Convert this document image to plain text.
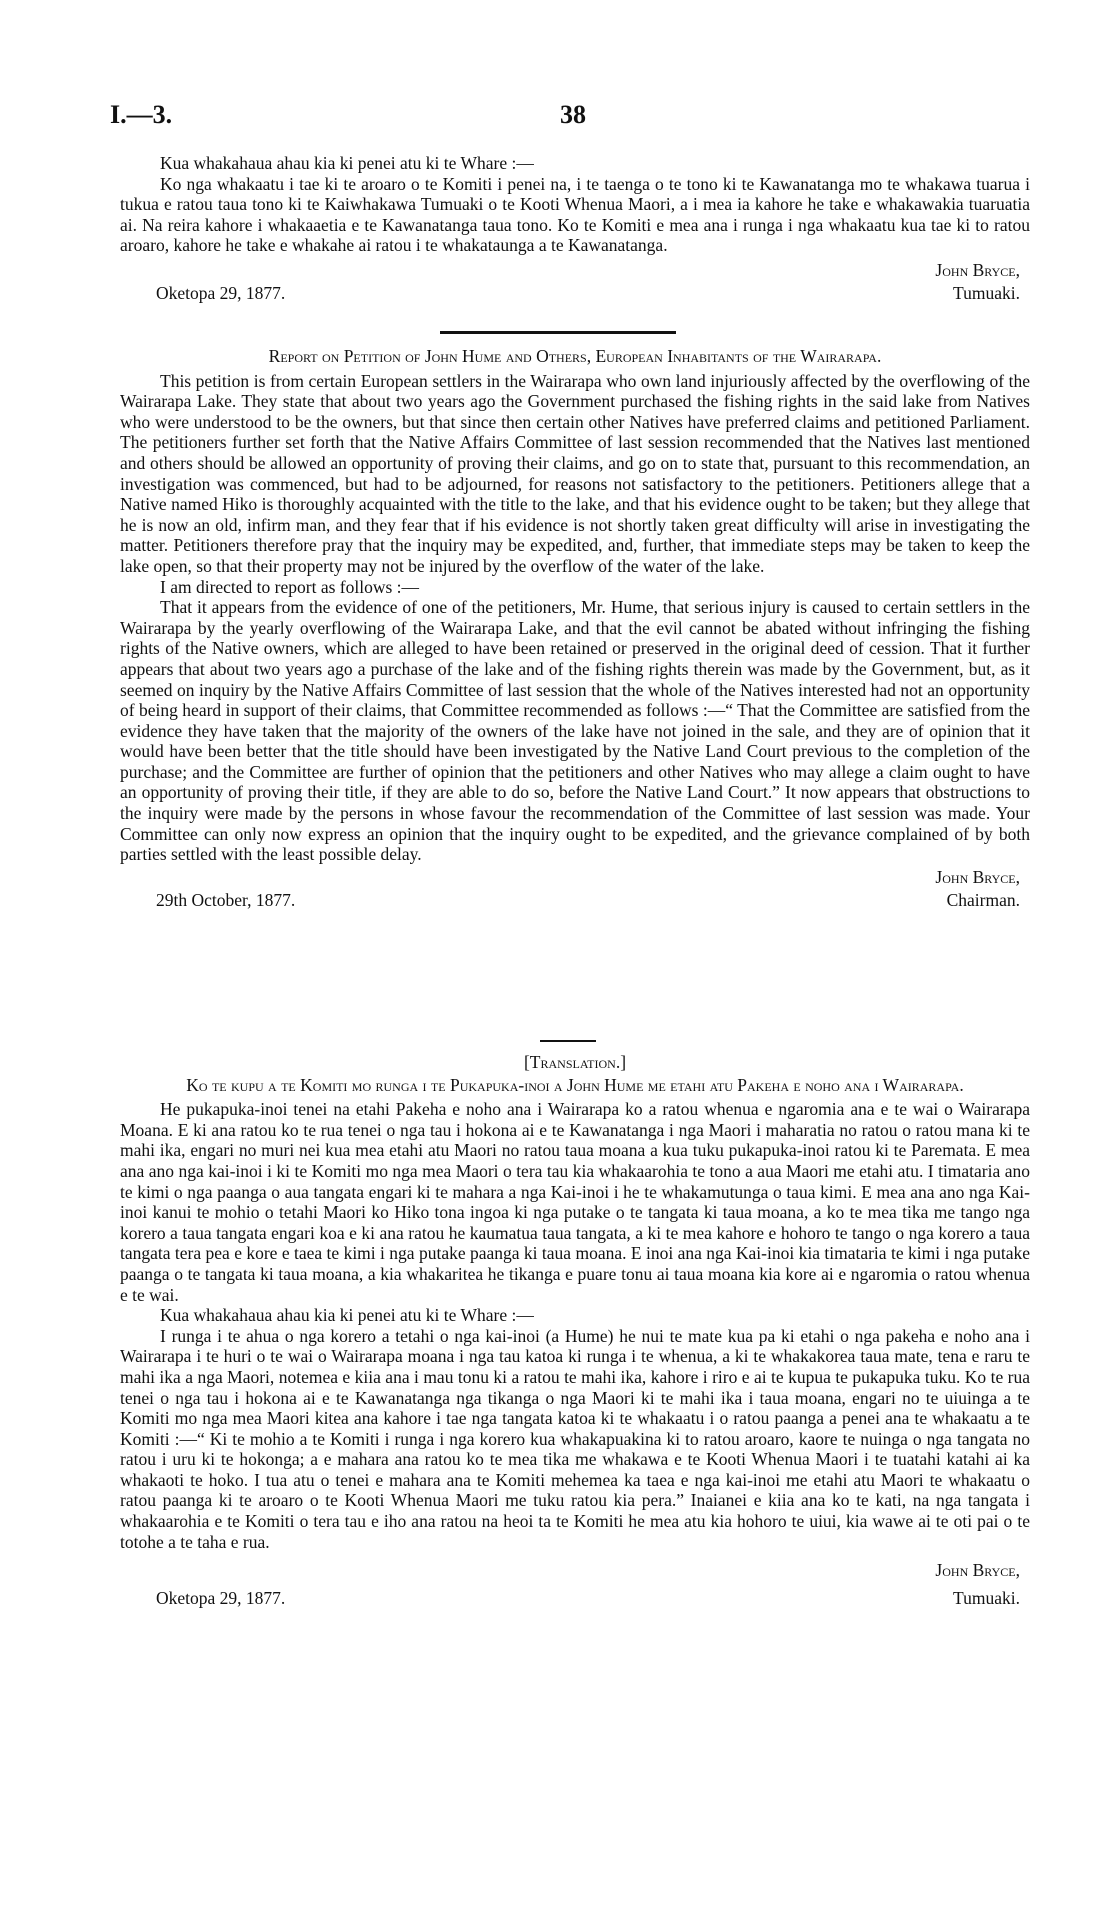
I.—3.	38

Kua whakahaua ahau kia ki penei atu ki te Whare :—

Ko nga whakaatu i tae ki te aroaro o te Komiti i penei na, i te taenga o te tono ki te Kawanatanga mo te whakawa tuarua i tukua e ratou taua tono ki te Kaiwhakawa Tumuaki o te Kooti Whenua Maori, a i mea ia kahore he take e whakawakia tuaruatia ai. Na reira kahore i whakaaetia e te Kawanatanga taua tono. Ko te Komiti e mea ana i runga i nga whakaatu kua tae ki to ratou aroaro, kahore he take e whakahe ai ratou i te whakataunga a te Kawanatanga.

Oketopa 29, 1877.
John Bryce,
Tumuaki.
Report on Petition of John Hume and Others, European Inhabitants of the Wairarapa.

This petition is from certain European settlers in the Wairarapa who own land injuriously affected by the overflowing of the Wairarapa Lake. They state that about two years ago the Government purchased the fishing rights in the said lake from Natives who were understood to be the owners, but that since then certain other Natives have preferred claims and petitioned Parliament. The petitioners further set forth that the Native Affairs Committee of last session recommended that the Natives last mentioned and others should be allowed an opportunity of proving their claims, and go on to state that, pursuant to this recommendation, an investigation was commenced, but had to be adjourned, for reasons not satisfactory to the petitioners. Petitioners allege that a Native named Hiko is thoroughly acquainted with the title to the lake, and that his evidence ought to be taken; but they allege that he is now an old, infirm man, and they fear that if his evidence is not shortly taken great difficulty will arise in investigating the matter. Petitioners therefore pray that the inquiry may be expedited, and, further, that immediate steps may be taken to keep the lake open, so that their property may not be injured by the overflow of the water of the lake.

I am directed to report as follows :—

That it appears from the evidence of one of the petitioners, Mr. Hume, that serious injury is caused to certain settlers in the Wairarapa by the yearly overflowing of the Wairarapa Lake, and that the evil cannot be abated without infringing the fishing rights of the Native owners, which are alleged to have been retained or preserved in the original deed of cession. That it further appears that about two years ago a purchase of the lake and of the fishing rights therein was made by the Government, but, as it seemed on inquiry by the Native Affairs Committee of last session that the whole of the Natives interested had not an opportunity of being heard in support of their claims, that Committee recommended as follows :—“ That the Committee are satisfied from the evidence they have taken that the majority of the owners of the lake have not joined in the sale, and they are of opinion that it would have been better that the title should have been investigated by the Native Land Court previous to the completion of the purchase; and the Committee are further of opinion that the petitioners and other Natives who may allege a claim ought to have an opportunity of proving their title, if they are able to do so, before the Native Land Court.” It now appears that obstructions to the inquiry were made by the persons in whose favour the recommendation of the Committee of last session was made. Your Committee can only now express an opinion that the inquiry ought to be expedited, and the grievance complained of by both parties settled with the least possible delay.

29th October, 1877.
John Bryce,
Chairman.
[Translation.]
Ko te kupu a te Komiti mo runga i te Pukapuka-inoi a John Hume me etahi atu Pakeha e noho ana i Wairarapa.

He pukapuka-inoi tenei na etahi Pakeha e noho ana i Wairarapa ko a ratou whenua e ngaromia ana e te wai o Wairarapa Moana. E ki ana ratou ko te rua tenei o nga tau i hokona ai e te Kawanatanga i nga Maori i maharatia no ratou o ratou mana ki te mahi ika, engari no muri nei kua mea etahi atu Maori no ratou taua moana a kua tuku pukapuka-inoi ratou ki te Paremata. E mea ana ano nga kai-inoi i ki te Komiti mo nga mea Maori o tera tau kia whakaarohia te tono a aua Maori me etahi atu. I timataria ano te kimi o nga paanga o aua tangata engari ki te mahara a nga Kai-inoi i he te whakamutunga o taua kimi. E mea ana ano nga Kai-inoi kanui te mohio o tetahi Maori ko Hiko tona ingoa ki nga putake o te tangata ki taua moana, a ko te mea tika me tango nga korero a taua tangata engari koa e ki ana ratou he kaumatua taua tangata, a ki te mea kahore e hohoro te tango o nga korero a taua tangata tera pea e kore e taea te kimi i nga putake paanga ki taua moana. E inoi ana nga Kai-inoi kia timataria te kimi i nga putake paanga o te tangata ki taua moana, a kia whakaritea he tikanga e puare tonu ai taua moana kia kore ai e ngaromia o ratou whenua e te wai.

Kua whakahaua ahau kia ki penei atu ki te Whare :—

I runga i te ahua o nga korero a tetahi o nga kai-inoi (a Hume) he nui te mate kua pa ki etahi o nga pakeha e noho ana i Wairarapa i te huri o te wai o Wairarapa moana i nga tau katoa ki runga i te whenua, a ki te whakakorea taua mate, tena e raru te mahi ika a nga Maori, notemea e kiia ana i mau tonu ki a ratou te mahi ika, kahore i riro e ai te kupua te pukapuka tuku. Ko te rua tenei o nga tau i hokona ai e te Kawanatanga nga tikanga o nga Maori ki te mahi ika i taua moana, engari no te uiuinga a te Komiti mo nga mea Maori kitea ana kahore i tae nga tangata katoa ki te whakaatu i o ratou paanga a penei ana te whakaatu a te Komiti :—“ Ki te mohio a te Komiti i runga i nga korero kua whakapuakina ki to ratou aroaro, kaore te nuinga o nga tangata no ratou i uru ki te hokonga; a e mahara ana ratou ko te mea tika me whakawa e te Kooti Whenua Maori i te tuatahi katahi ai ka whakaoti te hoko. I tua atu o tenei e mahara ana te Komiti mehemea ka taea e nga kai-inoi me etahi atu Maori te whakaatu o ratou paanga ki te aroaro o te Kooti Whenua Maori me tuku ratou kia pera.” Inaianei e kiia ana ko te kati, na nga tangata i whakaarohia e te Komiti o tera tau e iho ana ratou na heoi ta te Komiti he mea atu kia hohoro te uiui, kia wawe ai te oti pai o te totohe a te taha e rua.

Oketopa 29, 1877.
John Bryce,
Tumuaki.
